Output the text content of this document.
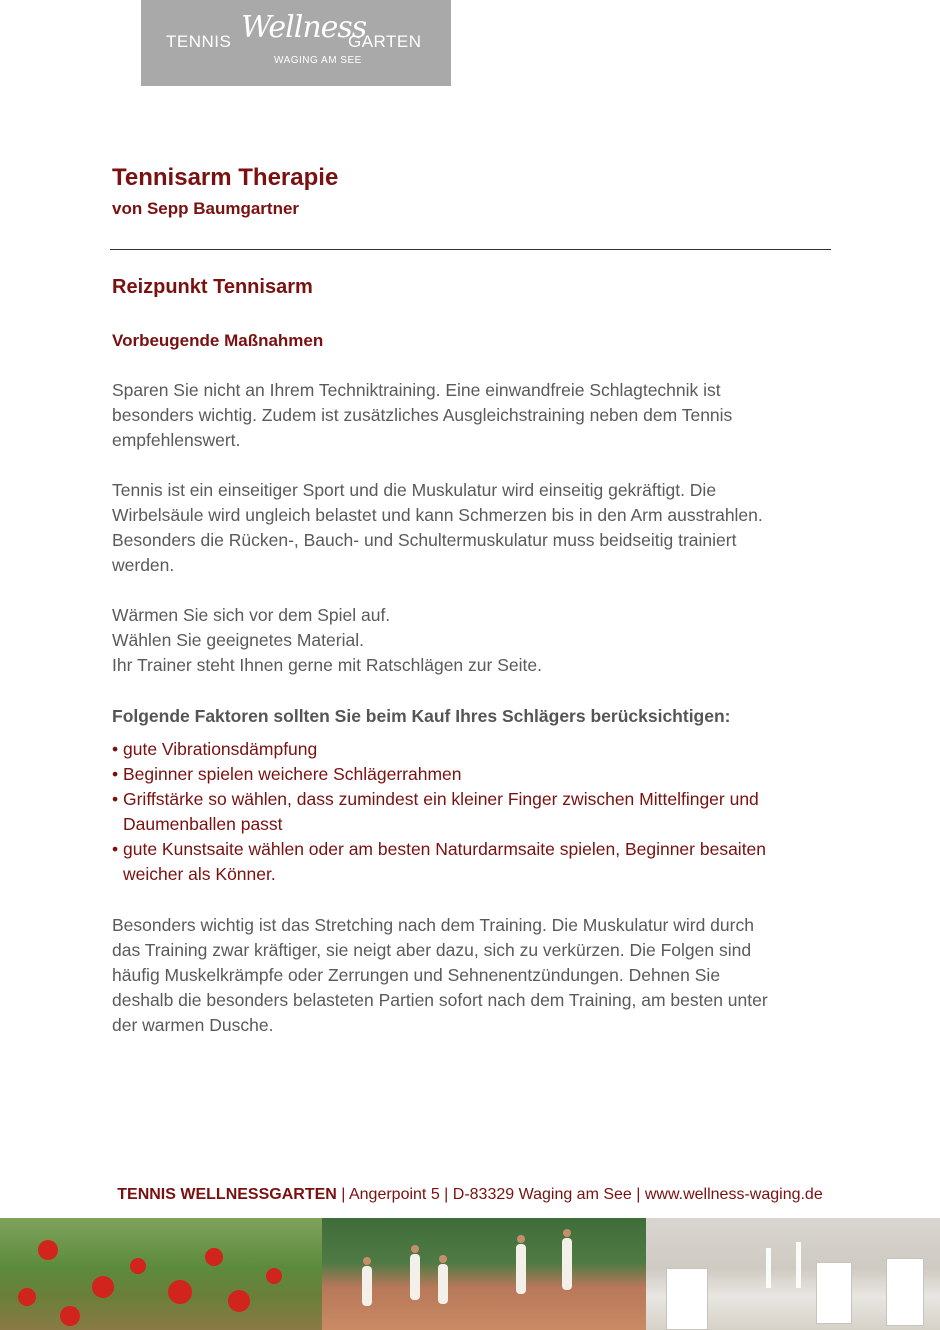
TENNIS Wellness
GARTEN
WAGING AM SEE
Tennisarm Therapie
von Sepp Baumgartner
Reizpunkt Tennisarm
Vorbeugende Maßnahmen

Sparen Sie nicht an Ihrem Techniktraining. Eine einwandfreie Schlagtechnik ist
besonders wichtig. Zudem ist zusätzliches Ausgleichstraining neben dem Tennis
empfehlenswert.

Tennis ist ein einseitiger Sport und die Muskulatur wird einseitig gekräftigt. Die
Wirbelsäule wird ungleich belastet und kann Schmerzen bis in den Arm ausstrahlen.
Besonders die Rücken-, Bauch- und Schultermuskulatur muss beidseitig trainiert
werden.

Wärmen Sie sich vor dem Spiel auf.
Wählen Sie geeignetes Material.
Ihr Trainer steht Ihnen gerne mit Ratschlägen zur Seite.

Folgende Faktoren sollten Sie beim Kauf Ihres Schlägers berücksichtigen:
• gute Vibrationsdämpfung
• Beginner spielen weichere Schlägerrahmen
• Griffstärke so wählen, dass zumindest ein kleiner Finger zwischen Mittelfinger und
Daumenballen passt
• gute Kunstsaite wählen oder am besten Naturdarmsaite spielen, Beginner besaiten
weicher als Könner.

Besonders wichtig ist das Stretching nach dem Training. Die Muskulatur wird durch
das Training zwar kräftiger, sie neigt aber dazu, sich zu verkürzen. Die Folgen sind
häufig Muskelkrämpfe oder Zerrungen und Sehnenentzündungen. Dehnen Sie
deshalb die besonders belasteten Partien sofort nach dem Training, am besten unter
der warmen Dusche.

TENNIS WELLNESSGARTEN | Angerpoint 5 | D-83329 Waging am See | www.wellness-waging.de
